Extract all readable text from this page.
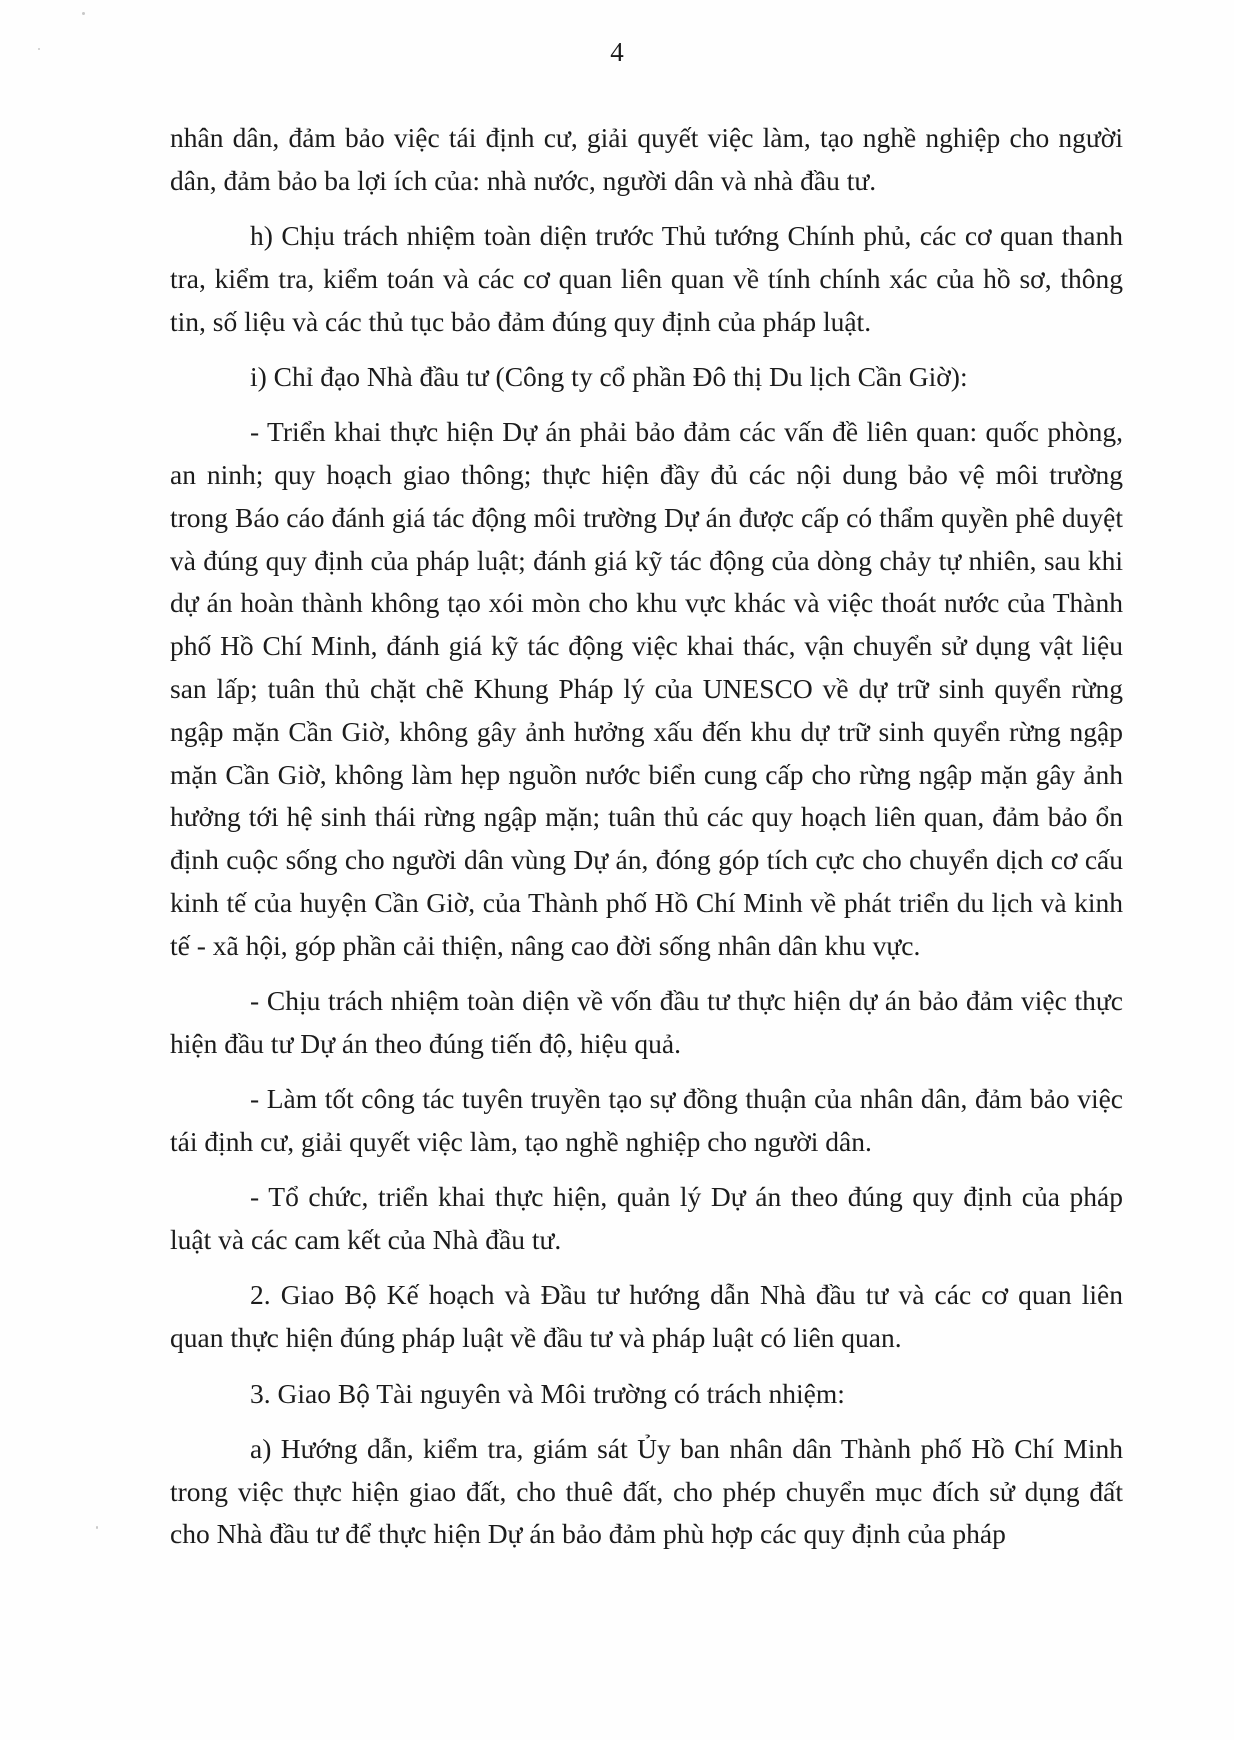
4

nhân dân, đảm bảo việc tái định cư, giải quyết việc làm, tạo nghề nghiệp cho người dân, đảm bảo ba lợi ích của: nhà nước, người dân và nhà đầu tư.

h) Chịu trách nhiệm toàn diện trước Thủ tướng Chính phủ, các cơ quan thanh tra, kiểm tra, kiểm toán và các cơ quan liên quan về tính chính xác của hồ sơ, thông tin, số liệu và các thủ tục bảo đảm đúng quy định của pháp luật.

i) Chỉ đạo Nhà đầu tư (Công ty cổ phần Đô thị Du lịch Cần Giờ):

- Triển khai thực hiện Dự án phải bảo đảm các vấn đề liên quan: quốc phòng, an ninh; quy hoạch giao thông; thực hiện đầy đủ các nội dung bảo vệ môi trường trong Báo cáo đánh giá tác động môi trường Dự án được cấp có thẩm quyền phê duyệt và đúng quy định của pháp luật; đánh giá kỹ tác động của dòng chảy tự nhiên, sau khi dự án hoàn thành không tạo xói mòn cho khu vực khác và việc thoát nước của Thành phố Hồ Chí Minh, đánh giá kỹ tác động việc khai thác, vận chuyển sử dụng vật liệu san lấp; tuân thủ chặt chẽ Khung Pháp lý của UNESCO về dự trữ sinh quyển rừng ngập mặn Cần Giờ, không gây ảnh hưởng xấu đến khu dự trữ sinh quyển rừng ngập mặn Cần Giờ, không làm hẹp nguồn nước biển cung cấp cho rừng ngập mặn gây ảnh hưởng tới hệ sinh thái rừng ngập mặn; tuân thủ các quy hoạch liên quan, đảm bảo ổn định cuộc sống cho người dân vùng Dự án, đóng góp tích cực cho chuyển dịch cơ cấu kinh tế của huyện Cần Giờ, của Thành phố Hồ Chí Minh về phát triển du lịch và kinh tế - xã hội, góp phần cải thiện, nâng cao đời sống nhân dân khu vực.

- Chịu trách nhiệm toàn diện về vốn đầu tư thực hiện dự án bảo đảm việc thực hiện đầu tư Dự án theo đúng tiến độ, hiệu quả.

- Làm tốt công tác tuyên truyền tạo sự đồng thuận của nhân dân, đảm bảo việc tái định cư, giải quyết việc làm, tạo nghề nghiệp cho người dân.

- Tổ chức, triển khai thực hiện, quản lý Dự án theo đúng quy định của pháp luật và các cam kết của Nhà đầu tư.

2. Giao Bộ Kế hoạch và Đầu tư hướng dẫn Nhà đầu tư và các cơ quan liên quan thực hiện đúng pháp luật về đầu tư và pháp luật có liên quan.

3. Giao Bộ Tài nguyên và Môi trường có trách nhiệm:

a) Hướng dẫn, kiểm tra, giám sát Ủy ban nhân dân Thành phố Hồ Chí Minh trong việc thực hiện giao đất, cho thuê đất, cho phép chuyển mục đích sử dụng đất cho Nhà đầu tư để thực hiện Dự án bảo đảm phù hợp các quy định của pháp
